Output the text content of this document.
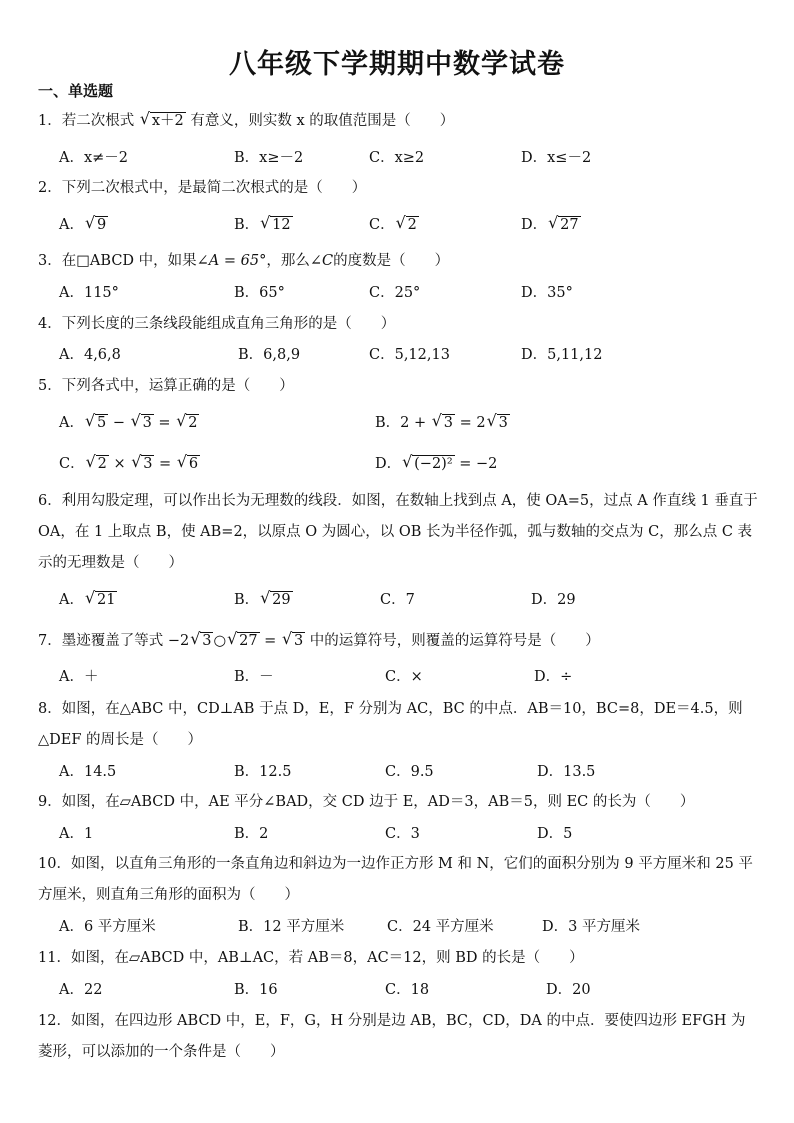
八年级下学期期中数学试卷
一、单选题
1．若二次根式 √ x＋2 有意义，则实数 x 的取值范围是（　　）
A．x≠－2	B．x≥－2	C．x≥2	D．x≤－2
2．下列二次根式中，是最简二次根式的是（　　）
A． √ 9	B． √ 12	C． √ 2	D． √ 27
3．在□ABCD 中，如果∠A = 65°，那么∠C的度数是（　　）
A．115°	B．65°	C．25°	D．35°
4．下列长度的三条线段能组成直角三角形的是（　　）
A．4,6,8	B．6,8,9	C．5,12,13	D．5,11,12
5．下列各式中，运算正确的是（　　）
A． √ 5 − √ 3 = √ 2	B．2 + √ 3 = 2 √ 3
C． √ 2 × √ 3 = √ 6	D． √ (−2)² = −2
6．利用勾股定理，可以作出长为无理数的线段．如图，在数轴上找到点 A，使 OA=5，过点 A 作直线 1 垂直于 OA，在 1 上取点 B，使 AB=2，以原点 O 为圆心，以 OB 长为半径作弧，弧与数轴的交点为 C，那么点 C 表示的无理数是（　　）
A． √ 21	B． √ 29	C．7	D．29
7．墨迹覆盖了等式 −2 √ 3 ○ √ 27 = √ 3 中的运算符号，则覆盖的运算符号是（　　）
A．＋	B．－	C．×	D．÷
8．如图，在△ABC 中，CD⊥AB 于点 D，E，F 分别为 AC，BC 的中点．AB＝10，BC=8，DE＝4.5，则△DEF 的周长是（　　）
A．14.5	B．12.5	C．9.5	D．13.5
9．如图，在▱ABCD 中，AE 平分∠BAD，交 CD 边于 E，AD＝3，AB＝5，则 EC 的长为（　　）
A．1	B．2	C．3	D．5
10．如图，以直角三角形的一条直角边和斜边为一边作正方形 M 和 N，它们的面积分别为 9 平方厘米和 25 平方厘米，则直角三角形的面积为（　　）
A．6 平方厘米	B．12 平方厘米	C．24 平方厘米	D．3 平方厘米
11．如图，在▱ABCD 中，AB⊥AC，若 AB＝8，AC＝12，则 BD 的长是（　　）
A．22	B．16	C．18	D．20
12．如图，在四边形 ABCD 中，E，F，G，H 分别是边 AB，BC，CD，DA 的中点．要使四边形 EFGH 为菱形，可以添加的一个条件是（　　）
